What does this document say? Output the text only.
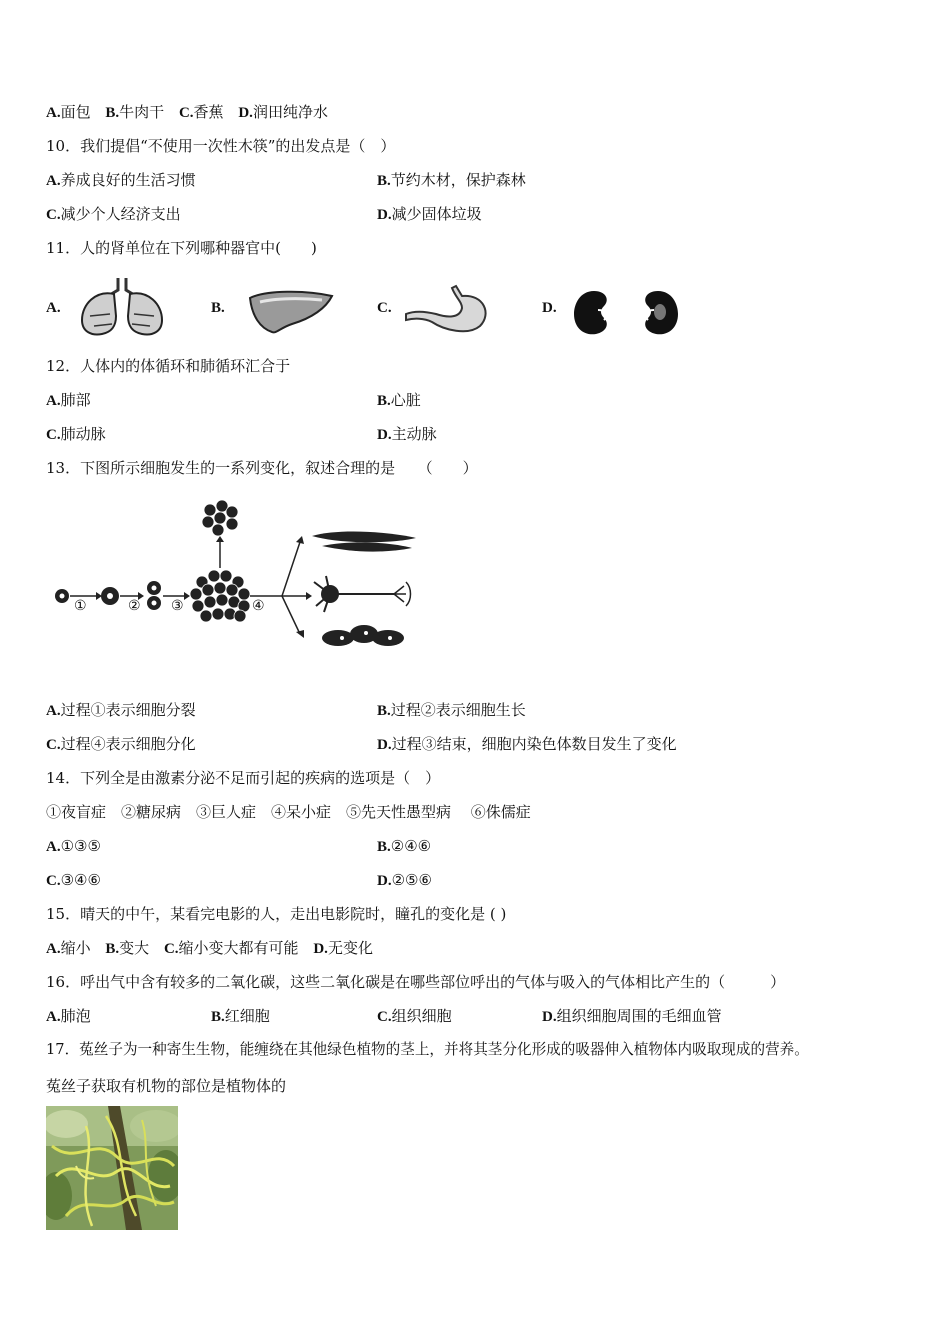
A.面包 B.牛肉干 C.香蕉 D.润田纯净水
10．我们提倡“不使用一次性木筷”的出发点是（　）
A.养成良好的生活习惯	B.节约木材，保护森林
C.减少个人经济支出	D.减少固体垃圾
11．人的肾单位在下列哪种器官中(　　)
A.	B.	C.	D.
12．人体内的体循环和肺循环汇合于
A.肺部	B.心脏
C.肺动脉	D.主动脉
13．下图所示细胞发生的一系列变化，叙述合理的是　　（　　）
①	② ③	④
A.过程①表示细胞分裂	B.过程②表示细胞生长
C.过程④表示细胞分化	D.过程③结束，细胞内染色体数目发生了变化
14．下列全是由激素分泌不足而引起的疾病的选项是（　）
①夜盲症　②糖尿病　③巨人症　④呆小症　⑤先天性愚型病　 ⑥侏儒症
A.①③⑤	B.②④⑥
C.③④⑥	D.②⑤⑥
15．晴天的中午，某看完电影的人，走出电影院时，瞳孔的变化是 ( )
A.缩小 B.变大 C.缩小变大都有可能 D.无变化
16．呼出气中含有较多的二氧化碳，这些二氧化碳是在哪些部位呼出的气体与吸入的气体相比产生的（　　　）
A.肺泡	B.红细胞	C.组织细胞	D.组织细胞周围的毛细血管
17．菟丝子为一种寄生生物，能缠绕在其他绿色植物的茎上，并将其茎分化形成的吸器伸入植物体内吸取现成的营养。
菟丝子获取有机物的部位是植物体的
